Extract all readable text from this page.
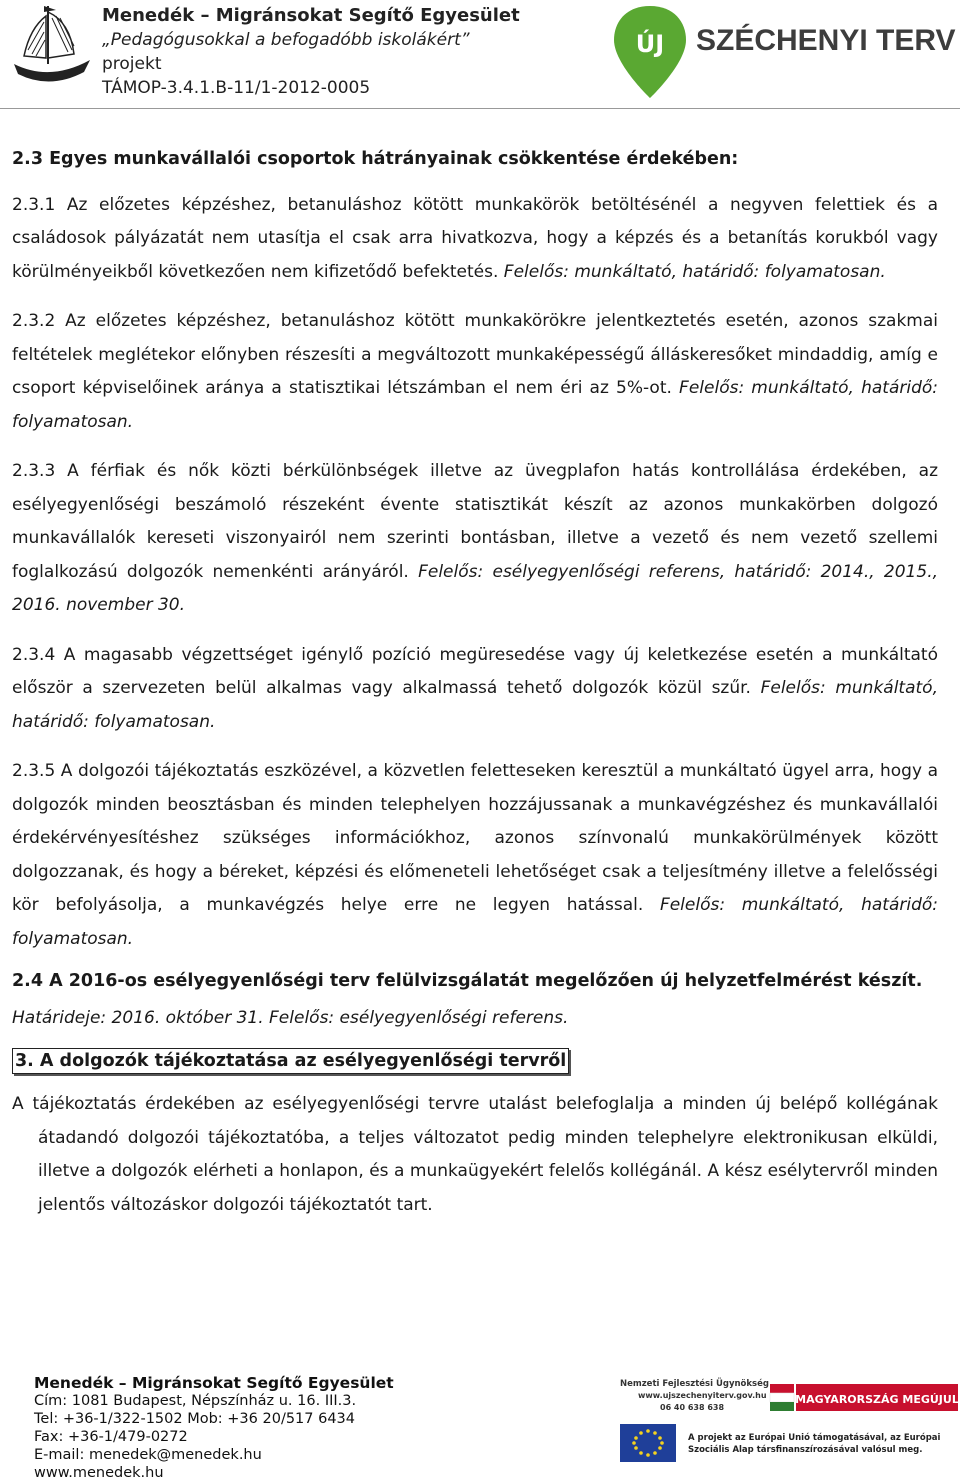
Menedék – Migránsokat Segítő Egyesület
„Pedagógusokkal a befogadóbb iskolákért”
projekt
TÁMOP-3.4.1.B-11/1-2012-0005
ÚJ SZÉCHENYI TERV
2.3 Egyes munkavállalói csoportok hátrányainak csökkentése érdekében:

2.3.1 Az előzetes képzéshez, betanuláshoz kötött munkakörök betöltésénél a negyven felettiek és a családosok pályázatát nem utasítja el csak arra hivatkozva, hogy a képzés és a betanítás korukból vagy körülményeikből következően nem kifizetődő befektetés. Felelős: munkáltató, határidő: folyamatosan.

2.3.2 Az előzetes képzéshez, betanuláshoz kötött munkakörökre jelentkeztetés esetén, azonos szakmai feltételek meglétekor előnyben részesíti a megváltozott munkaképességű álláskeresőket mindaddig, amíg e csoport képviselőinek aránya a statisztikai létszámban el nem éri az 5%-ot. Felelős: munkáltató, határidő: folyamatosan.

2.3.3 A férfiak és nők közti bérkülönbségek illetve az üvegplafon hatás kontrollálása érdekében, az esélyegyenlőségi beszámoló részeként évente statisztikát készít az azonos munkakörben dolgozó munkavállalók kereseti viszonyairól nem szerinti bontásban, illetve a vezető és nem vezető szellemi foglalkozású dolgozók nemenkénti arányáról. Felelős: esélyegyenlőségi referens, határidő: 2014., 2015., 2016. november 30.

2.3.4 A magasabb végzettséget igénylő pozíció megüresedése vagy új keletkezése esetén a munkáltató először a szervezeten belül alkalmas vagy alkalmassá tehető dolgozók közül szűr. Felelős: munkáltató, határidő: folyamatosan.

2.3.5 A dolgozói tájékoztatás eszközével, a közvetlen feletteseken keresztül a munkáltató ügyel arra, hogy a dolgozók minden beosztásban és minden telephelyen hozzájussanak a munkavégzéshez és munkavállalói érdekérvényesítéshez szükséges információkhoz, azonos színvonalú munkakörülmények között dolgozzanak, és hogy a béreket, képzési és előmeneteli lehetőséget csak a teljesítmény illetve a felelősségi kör befolyásolja, a munkavégzés helye erre ne legyen hatással. Felelős: munkáltató, határidő: folyamatosan.

2.4 A 2016-os esélyegyenlőségi terv felülvizsgálatát megelőzően új helyzetfelmérést készít.

Határideje: 2016. október 31. Felelős: esélyegyenlőségi referens.

3. A dolgozók tájékoztatása az esélyegyenlőségi tervről

A tájékoztatás érdekében az esélyegyenlőségi tervre utalást belefoglalja a minden új belépő kollégának átadandó dolgozói tájékoztatóba, a teljes változatot pedig minden telephelyre elektronikusan elküldi, illetve a dolgozók elérheti a honlapon, és a munkaügyekért felelős kollégánál. A kész esélytervről minden jelentős változáskor dolgozói tájékoztatót tart.

Menedék – Migránsokat Segítő Egyesület
Cím: 1081 Budapest, Népszínház u. 16. III.3.
Tel: +36-1/322-1502 Mob: +36 20/517 6434
Fax: +36-1/479-0272
E-mail: menedek@menedek.hu
www.menedek.hu
Nemzeti Fejlesztési Ügynökség
www.ujszechenyiterv.gov.hu
06 40 638 638
MAGYARORSZÁG MEGÚJUL
A projekt az Európai Unió támogatásával, az Európai
Szociális Alap társfinanszírozásával valósul meg.
